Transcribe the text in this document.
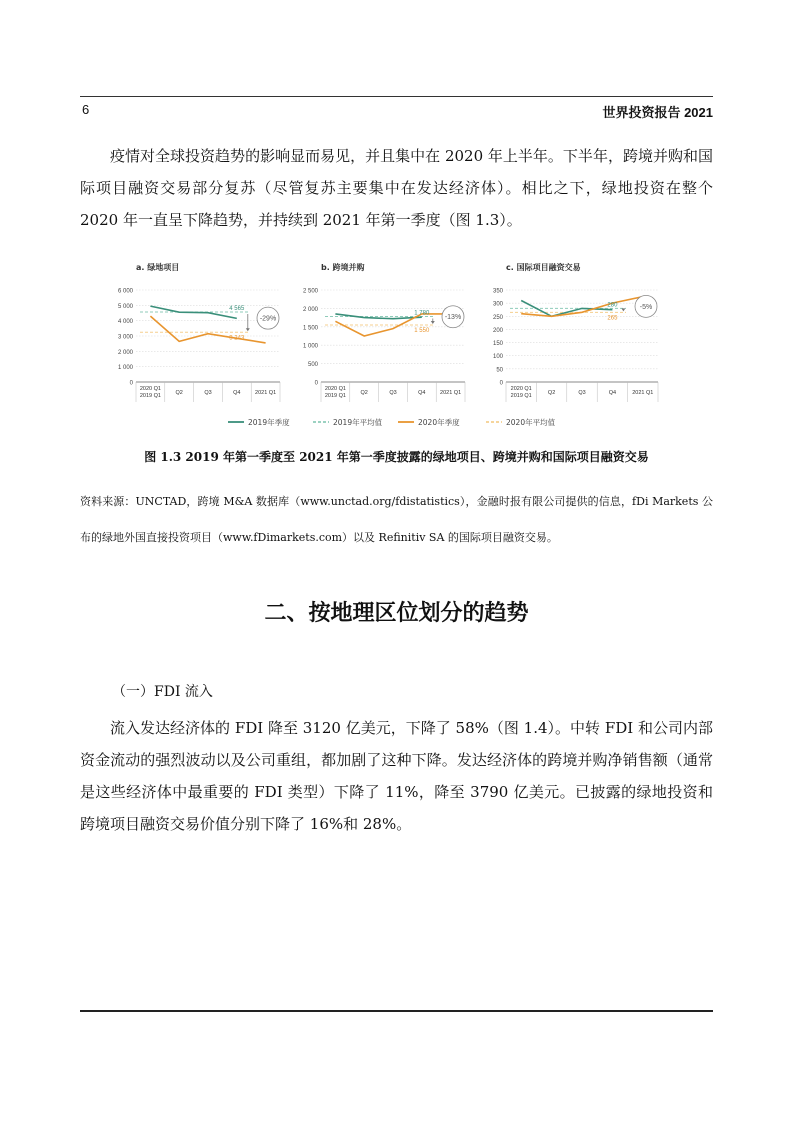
6	世界投资报告 2021

疫情对全球投资趋势的影响显而易见，并且集中在 2020 年上半年。下半年，跨境并购和国际项目融资交易部分复苏（尽管复苏主要集中在发达经济体）。相比之下，绿地投资在整个 2020 年一直呈下降趋势，并持续到 2021 年第一季度（图 1.3）。

a. 绿地项目
0
1 000
2 000
3 000
4 000
5 000
6 000
2020 Q1
2019 Q1	Q2	Q3	Q4	2021 Q1
4 565
3 243
-29%
b. 跨境并购
0
500
1 000
1 500
2 000
2 500
2020 Q1
2019 Q1	Q2	Q3	Q4	2021 Q1
1 780
1 550
-13%
c. 国际项目融资交易
0
50
100
150
200
250
300
350
2020 Q1
2019 Q1	Q2	Q3	Q4	2021 Q1
280
265
-5%
2019年季度	2019年平均值	2020年季度	2020年平均值

图 1.3 2019 年第一季度至 2021 年第一季度披露的绿地项目、跨境并购和国际项目融资交易

资料来源：UNCTAD，跨境 M&A 数据库（www.unctad.org/fdistatistics），金融时报有限公司提供的信息，fDi Markets 公布的绿地外国直接投资项目（www.fDimarkets.com）以及 Refinitiv SA 的国际项目融资交易。

二、按地理区位划分的趋势

（一）FDI 流入

流入发达经济体的 FDI 降至 3120 亿美元，下降了 58%（图 1.4）。中转 FDI 和公司内部资金流动的强烈波动以及公司重组，都加剧了这种下降。发达经济体的跨境并购净销售额（通常是这些经济体中最重要的 FDI 类型）下降了 11%，降至 3790 亿美元。已披露的绿地投资和跨境项目融资交易价值分别下降了 16%和 28%。
